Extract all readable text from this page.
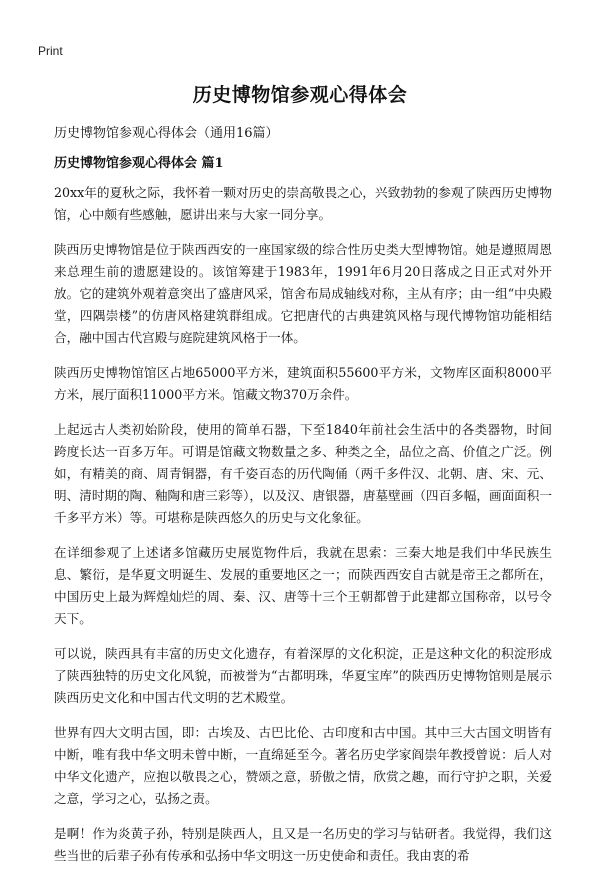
Print
历史博物馆参观心得体会
历史博物馆参观心得体会（通用16篇）
历史博物馆参观心得体会 篇1

20xx年的夏秋之际，我怀着一颗对历史的崇高敬畏之心，兴致勃勃的参观了陕西历史博物馆，心中颇有些感触，愿讲出来与大家一同分享。

陕西历史博物馆是位于陕西西安的一座国家级的综合性历史类大型博物馆。她是遵照周恩来总理生前的遗愿建设的。该馆筹建于1983年，1991年6月20日落成之日正式对外开放。它的建筑外观着意突出了盛唐风采，馆舍布局成轴线对称，主从有序；由一组“中央殿堂，四隅崇楼”的仿唐风格建筑群组成。它把唐代的古典建筑风格与现代博物馆功能相结合，融中国古代宫殿与庭院建筑风格于一体。

陕西历史博物馆馆区占地65000平方米，建筑面积55600平方米，文物库区面积8000平方米，展厅面积11000平方米。馆藏文物370万余件。

上起远古人类初始阶段，使用的简单石器，下至1840年前社会生活中的各类器物，时间跨度长达一百多万年。可谓是馆藏文物数量之多、种类之全，品位之高、价值之广泛。例如，有精美的商、周青铜器，有千姿百态的历代陶俑（两千多件汉、北朝、唐、宋、元、明、清时期的陶、釉陶和唐三彩等），以及汉、唐银器，唐墓壁画（四百多幅，画面面积一千多平方米）等。可堪称是陕西悠久的历史与文化象征。

在详细参观了上述诸多馆藏历史展览物件后，我就在思索：三秦大地是我们中华民族生息、繁衍，是华夏文明诞生、发展的重要地区之一；而陕西西安自古就是帝王之都所在，中国历史上最为辉煌灿烂的周、秦、汉、唐等十三个王朝都曾于此建都立国称帝，以号令天下。

可以说，陕西具有丰富的历史文化遗存，有着深厚的文化积淀，正是这种文化的积淀形成了陕西独特的历史文化风貌，而被誉为“古都明珠，华夏宝库”的陕西历史博物馆则是展示陕西历史文化和中国古代文明的艺术殿堂。

世界有四大文明古国，即：古埃及、古巴比伦、古印度和古中国。其中三大古国文明皆有中断，唯有我中华文明未曾中断，一直绵延至今。著名历史学家阎崇年教授曾说：后人对中华文化遗产，应抱以敬畏之心，赞颂之意，骄傲之情，欣赏之趣，而行守护之职，关爱之意，学习之心，弘扬之责。

是啊！作为炎黄子孙，特别是陕西人，且又是一名历史的学习与钻研者。我觉得，我们这些当世的后辈子孙有传承和弘扬中华文明这一历史使命和责任。我由衷的希
